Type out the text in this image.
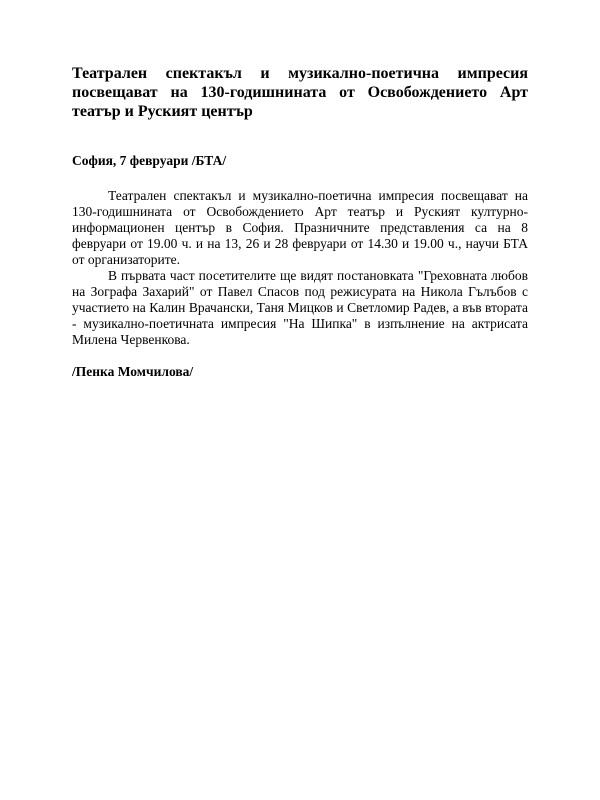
Театрален спектакъл и музикално-поетична импресия посвещават на 130-годишнината от Освобождението Арт театър и Руският център

София, 7 февруари /БТА/

Театрален спектакъл и музикално-поетична импресия посвещават на 130-годишнината от Освобождението Арт театър и Руският културно-информационен център в София. Празничните представления са на 8 февруари от 19.00 ч. и на 13, 26 и 28 февруари от 14.30 и 19.00 ч., научи БТА от организаторите.

В първата част посетителите ще видят постановката "Греховната любов на Зографа Захарий" от Павел Спасов под режисурата на Никола Гълъбов с участието на Калин Врачански, Таня Мицков и Светломир Радев, а във втората - музикално-поетичната импресия "На Шипка" в изпълнение на актрисата Милена Червенкова.

/Пенка Момчилова/
